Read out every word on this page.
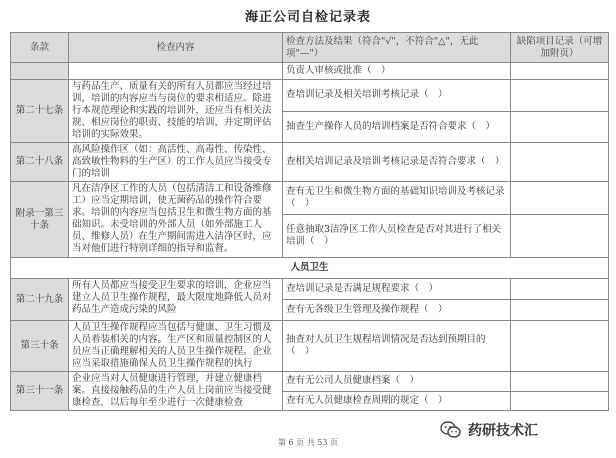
海正公司自检记录表
条款	检查内容	检查方法及结果（符合"√"，不符合"△"，无此项"—"）	缺陷项目记录（可增加附页）
		负责人审核或批准（　）	
第二十七条	与药品生产、质量有关的所有人员都应当经过培训，培训的内容应当与岗位的要求相适应。除进行本规范理论和实践的培训外，还应当有相关法规、相应岗位的职责、技能的培训，并定期评估培训的实际效果。	查培训记录及相关培训考核记录（　）	
		抽查生产操作人员的培训档案是否符合要求（　）	
第二十八条	高风险操作区（如：高活性、高毒性、传染性、高致敏性物料的生产区）的工作人员应当接受专门的培训	查相关培训记录及培训考核记录是否符合要求（　）	
附录一第三十条	凡在洁净区工作的人员（包括清洁工和设备维修工）应当定期培训，使无菌药品的操作符合要求。培训的内容应当包括卫生和微生物方面的基础知识。未受培训的外部人员（如外部施工人员、维修人员）在生产期间需进入洁净区时，应当对他们进行特别详细的指导和监督。	查有无卫生和微生物方面的基础知识培训及考核记录（　）	
		任意抽取3洁净区工作人员检查是否对其进行了相关培训（　）	
人员卫生			
第二十九条	所有人员都应当接受卫生要求的培训，企业应当建立人员卫生操作规程，最大限度地降低人员对药品生产造成污染的风险	查培训记录是否满足规程要求（　）	
		查有无各级卫生管理及操作规程（　）	
第三十条	人员卫生操作规程应当包括与健康、卫生习惯及人员着装相关的内容。生产区和质量控制区的人员应当正确理解相关的人员卫生操作规程。企业应当采取措施确保人员卫生操作规程的执行	抽查对人员卫生规程培训情况是否达到预期目的（　）	
第三十一条	企业应当对人员健康进行管理，并建立健康档案。直接接触药品的生产人员上岗前应当接受健康检查，以后每年至少进行一次健康检查	查有无公司人员健康档案（　）	
		查有无人员健康检查周期的规定（　）	
第 6 页 共 53 页
药研技术汇
